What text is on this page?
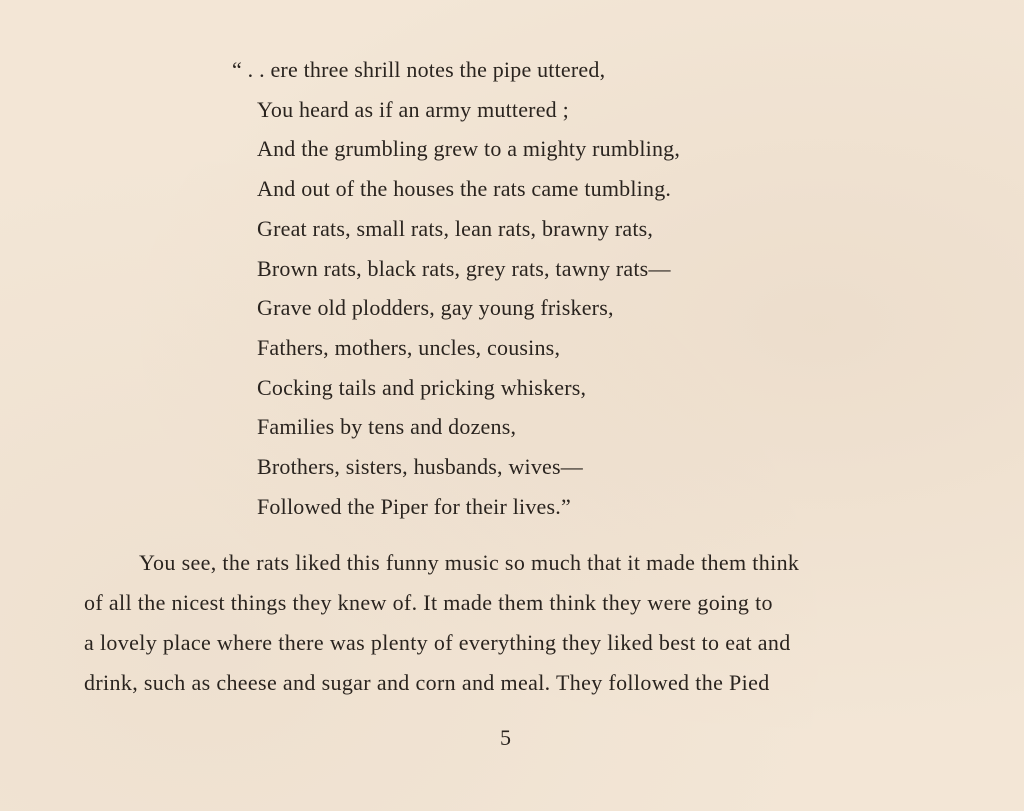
“ . . ere three shrill notes the pipe uttered,
You heard as if an army muttered ;
And the grumbling grew to a mighty rumbling,
And out of the houses the rats came tumbling.
Great rats, small rats, lean rats, brawny rats,
Brown rats, black rats, grey rats, tawny rats—
Grave old plodders, gay young friskers,
Fathers, mothers, uncles, cousins,
Cocking tails and pricking whiskers,
Families by tens and dozens,
Brothers, sisters, husbands, wives—
Followed the Piper for their lives.”
You see, the rats liked this funny music so much that it made them think
of all the nicest things they knew of. It made them think they were going to
a lovely place where there was plenty of everything they liked best to eat and
drink, such as cheese and sugar and corn and meal. They followed the Pied
5
